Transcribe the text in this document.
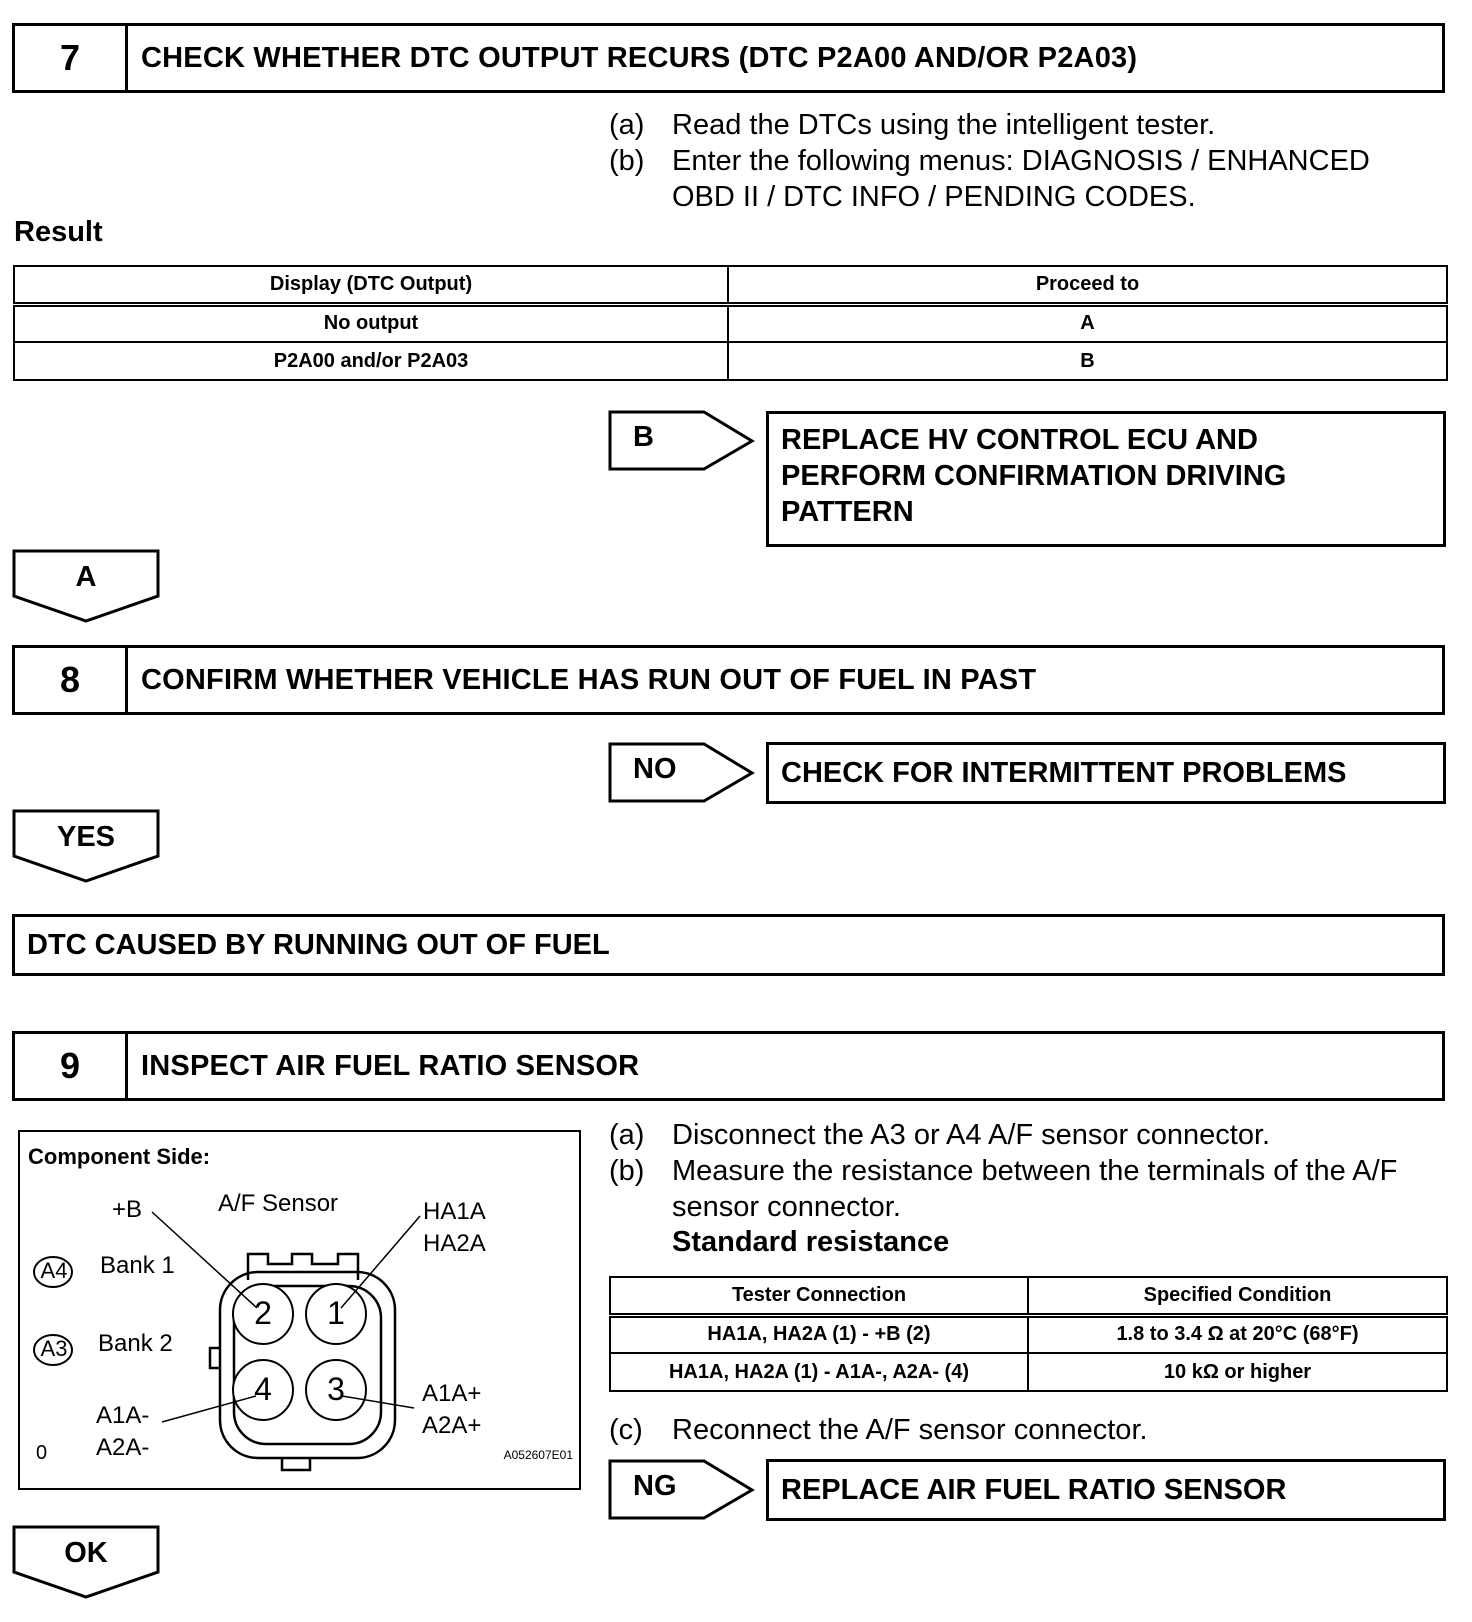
7	CHECK WHETHER DTC OUTPUT RECURS (DTC P2A00 AND/OR P2A03)
(a) Read the DTCs using the intelligent tester.
(b) Enter the following menus: DIAGNOSIS / ENHANCED
OBD II / DTC INFO / PENDING CODES.
Result
Display (DTC Output)	Proceed to
No output	A
P2A00 and/or P2A03	B
B	REPLACE HV CONTROL ECU AND
PERFORM CONFIRMATION DRIVING
PATTERN
A
8	CONFIRM WHETHER VEHICLE HAS RUN OUT OF FUEL IN PAST
NO	CHECK FOR INTERMITTENT PROBLEMS
YES
DTC CAUSED BY RUNNING OUT OF FUEL
9	INSPECT AIR FUEL RATIO SENSOR
Component Side:
A/F Sensor
+B	HA1A
HA2A
A4 Bank 1
A3 Bank 2
2	1
4	3	A1A+
A2A+
A1A-
A2A-
0	A052607E01
(a) Disconnect the A3 or A4 A/F sensor connector.
(b) Measure the resistance between the terminals of the A/F
sensor connector.
Standard resistance
Tester Connection	Specified Condition
HA1A, HA2A (1) - +B (2)	1.8 to 3.4 Ω at 20°C (68°F)
HA1A, HA2A (1) - A1A-, A2A- (4)	10 kΩ or higher
(c) Reconnect the A/F sensor connector.
NG	REPLACE AIR FUEL RATIO SENSOR
OK
